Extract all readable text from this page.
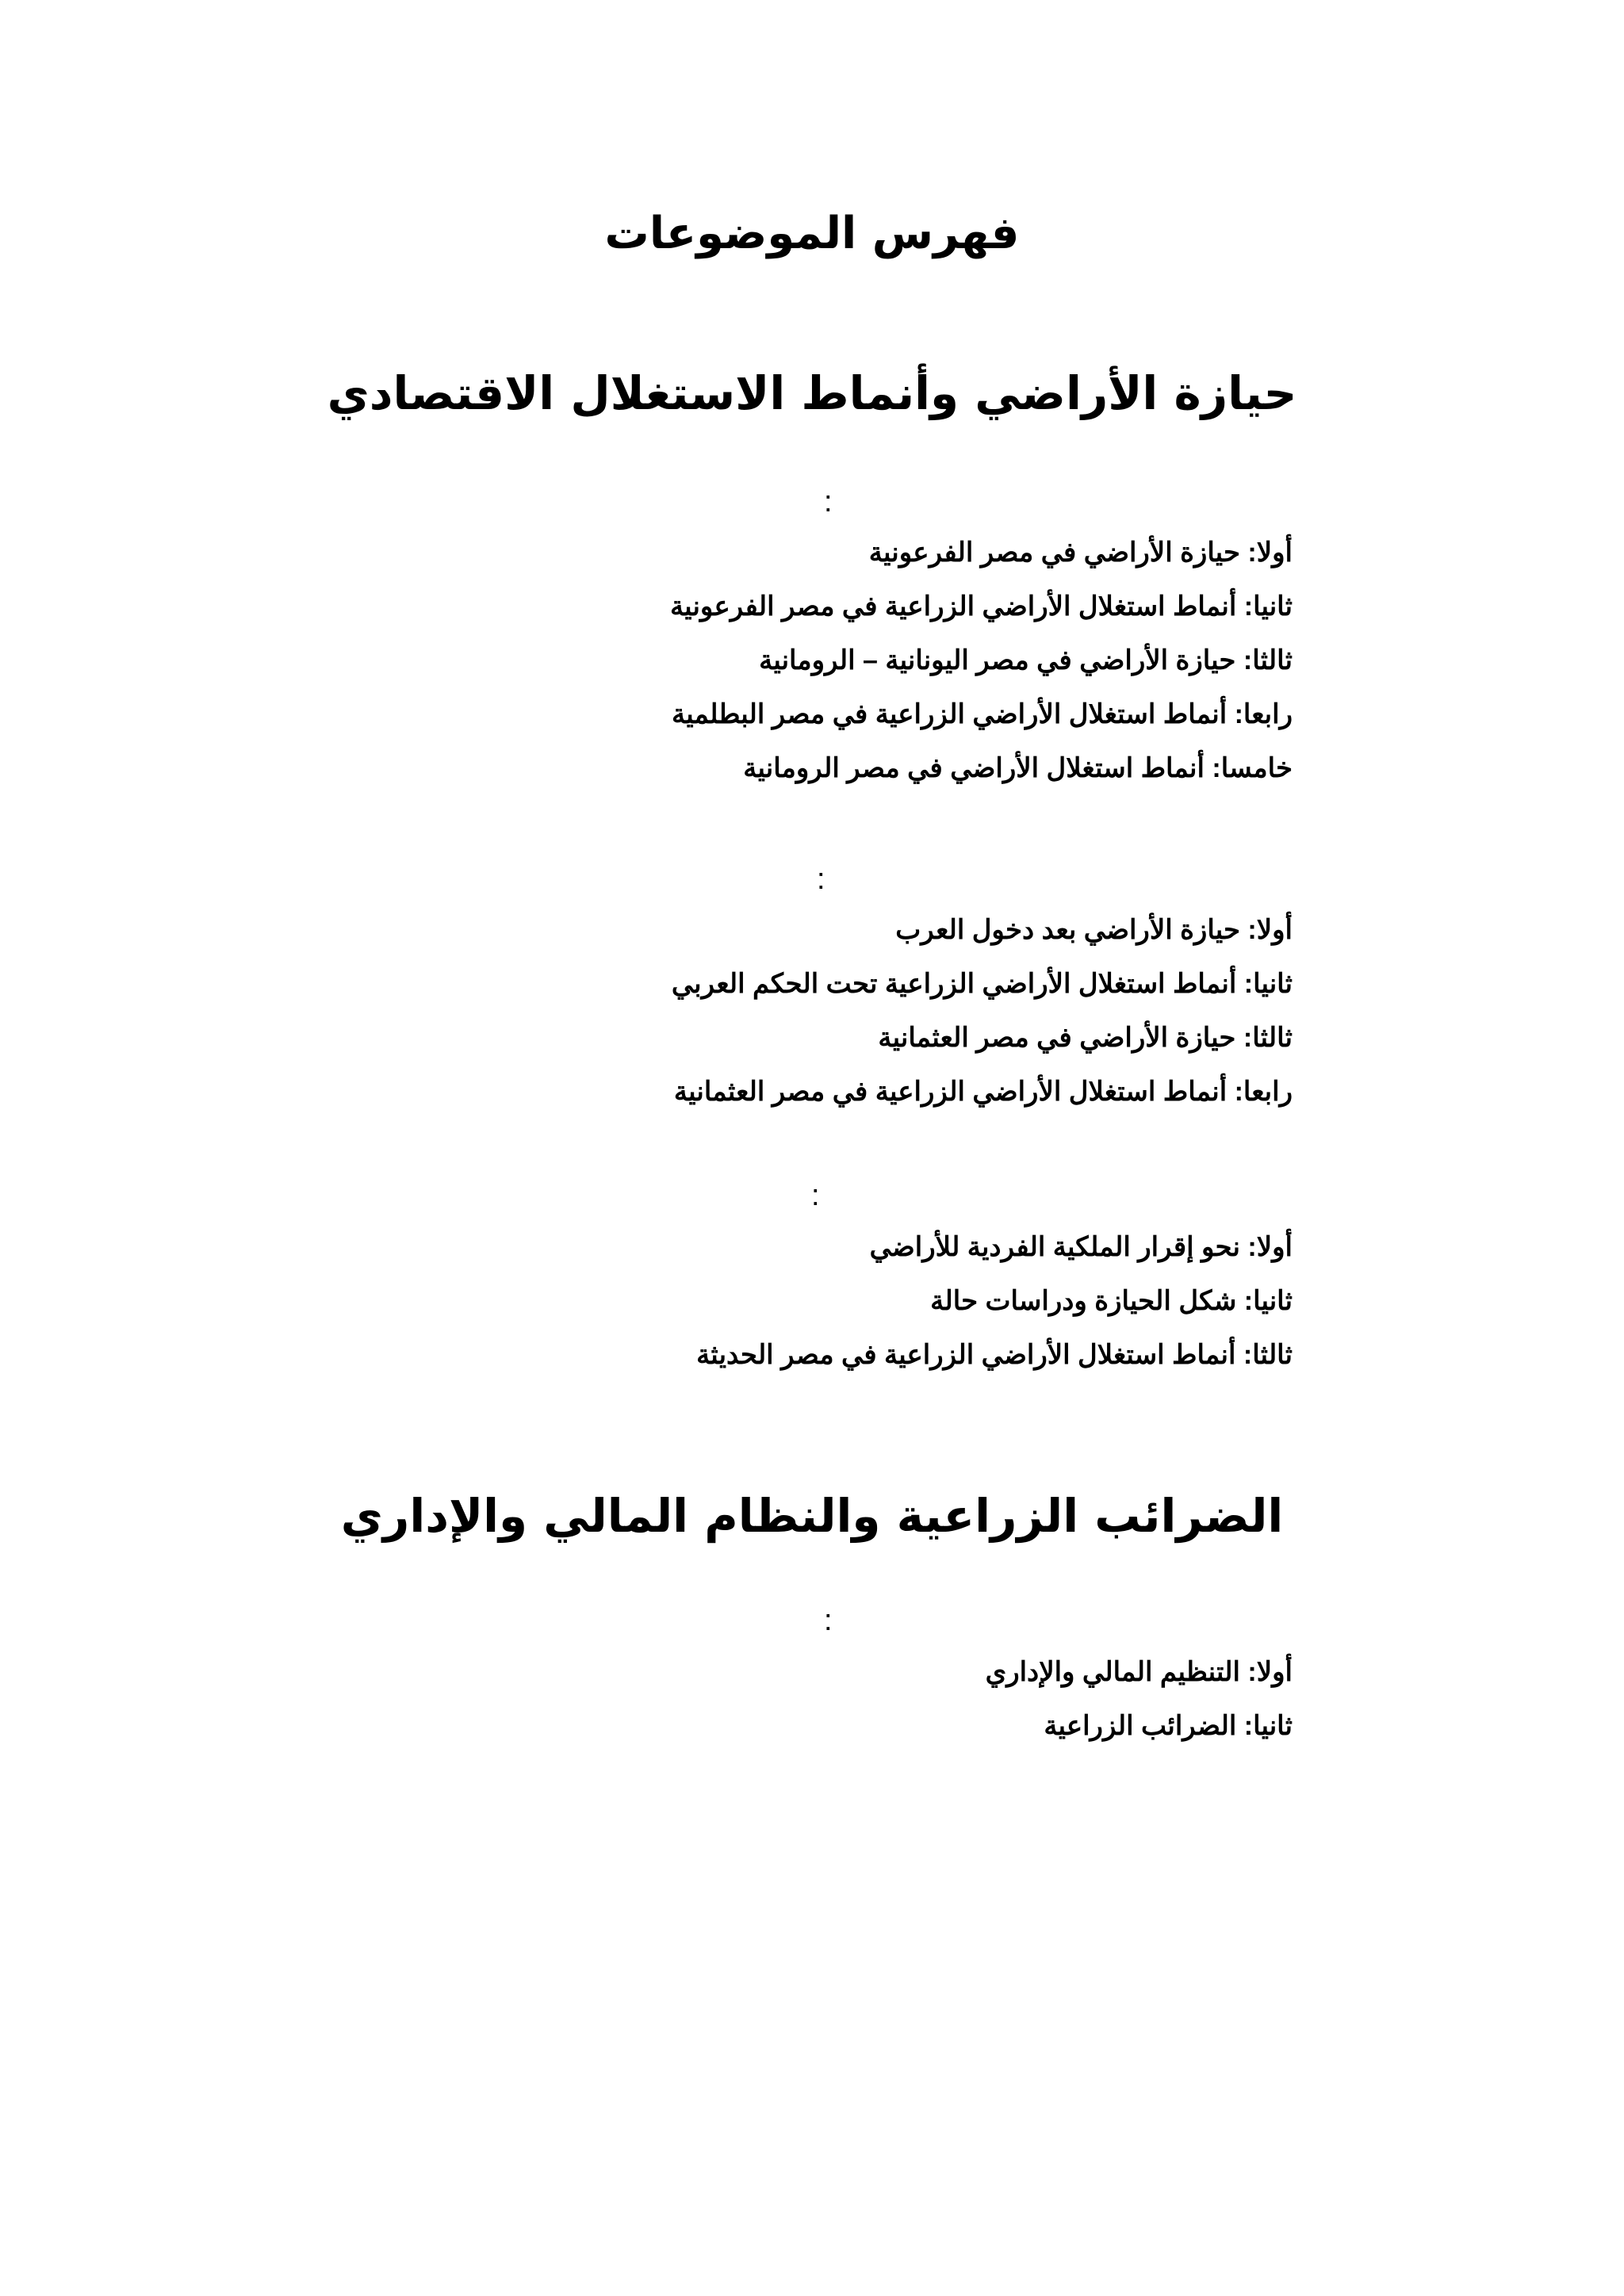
فهرس الموضوعات
حيازة الأراضي وأنماط الاستغلال الاقتصادي
:
أولا: حيازة الأراضي في مصر الفرعونية
ثانيا: أنماط استغلال الأراضي الزراعية في مصر الفرعونية
ثالثا: حيازة الأراضي في مصر اليونانية – الرومانية
رابعا: أنماط استغلال الأراضي الزراعية في مصر البطلمية
خامسا: أنماط استغلال الأراضي في مصر الرومانية
:
أولا: حيازة الأراضي بعد دخول العرب
ثانيا: أنماط استغلال الأراضي الزراعية تحت الحكم العربي
ثالثا: حيازة الأراضي في مصر العثمانية
رابعا: أنماط استغلال الأراضي الزراعية في مصر العثمانية
:
أولا: نحو إقرار الملكية الفردية للأراضي
ثانيا: شكل الحيازة ودراسات حالة
ثالثا: أنماط استغلال الأراضي الزراعية في مصر الحديثة
الضرائب الزراعية والنظام المالي والإداري
:
أولا: التنظيم المالي والإداري
ثانيا: الضرائب الزراعية
